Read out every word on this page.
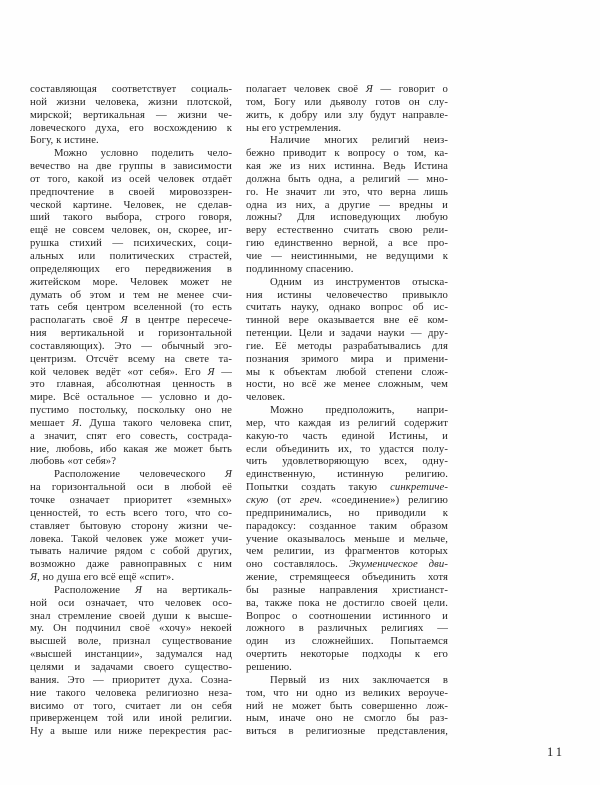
составляющая соответствует социаль-
ной жизни человека, жизни плотской,
мирской; вертикальная — жизни че-
ловеческого духа, его восхождению к
Богу, к истине.
Можно условно поделить чело-
вечество на две группы в зависимости
от того, какой из осей человек отдаёт
предпочтение в своей мировоззрен-
ческой картине. Человек, не сделав-
ший такого выбора, строго говоря,
ещё не совсем человек, он, скорее, иг-
рушка стихий — психических, соци-
альных или политических страстей,
определяющих его передвижения в
житейском море. Человек может не
думать об этом и тем не менее счи-
тать себя центром вселенной (то есть
располагать своё Я в центре пересече-
ния вертикальной и горизонтальной
составляющих). Это — обычный эго-
центризм. Отсчёт всему на свете та-
кой человек ведёт «от себя». Его Я —
это главная, абсолютная ценность в
мире. Всё остальное — условно и до-
пустимо постольку, поскольку оно не
мешает Я. Душа такого человека спит,
а значит, спят его совесть, сострада-
ние, любовь, ибо какая же может быть
любовь «от себя»?
Расположение человеческого Я
на горизонтальной оси в любой её
точке означает приоритет «земных»
ценностей, то есть всего того, что со-
ставляет бытовую сторону жизни че-
ловека. Такой человек уже может учи-
тывать наличие рядом с собой других,
возможно даже равноправных с ним
Я, но душа его всё ещё «спит».
Расположение Я на вертикаль-
ной оси означает, что человек осо-
знал стремление своей души к высше-
му. Он подчинил своё «хочу» некоей
высшей воле, признал существование
«высшей инстанции», задумался над
целями и задачами своего существо-
вания. Это — приоритет духа. Созна-
ние такого человека религиозно неза-
висимо от того, считает ли он себя
приверженцем той или иной религии.
Ну а выше или ниже перекрестия рас-
полагает человек своё Я — говорит о
том, Богу или дьяволу готов он слу-
жить, к добру или злу будут направле-
ны его устремления.
Наличие многих религий неиз-
бежно приводит к вопросу о том, ка-
кая же из них истинна. Ведь Истина
должна быть одна, а религий — мно-
го. Не значит ли это, что верна лишь
одна из них, а другие — вредны и
ложны? Для исповедующих любую
веру естественно считать свою рели-
гию единственно верной, а все про-
чие — неистинными, не ведущими к
подлинному спасению.
Одним из инструментов отыска-
ния истины человечество привыкло
считать науку, однако вопрос об ис-
тинной вере оказывается вне её ком-
петенции. Цели и задачи науки — дру-
гие. Её методы разрабатывались для
познания зримого мира и примени-
мы к объектам любой степени слож-
ности, но всё же менее сложным, чем
человек.
Можно предположить, напри-
мер, что каждая из религий содержит
какую-то часть единой Истины, и
если объединить их, то удастся полу-
чить удовлетворяющую всех, одну-
единственную, истинную религию.
Попытки создать такую синкретиче-
скую (от греч. «соединение») религию
предпринимались, но приводили к
парадоксу: созданное таким образом
учение оказывалось меньше и мельче,
чем религии, из фрагментов которых
оно составлялось. Экуменическое дви-
жение, стремящееся объединить хотя
бы разные направления христианст-
ва, также пока не достигло своей цели.
Вопрос о соотношении истинного и
ложного в различных религиях —
один из сложнейших. Попытаемся
очертить некоторые подходы к его
решению.
Первый из них заключается в
том, что ни одно из великих вероуче-
ний не может быть совершенно лож-
ным, иначе оно не смогло бы раз-
виться в религиозные представления,
11
